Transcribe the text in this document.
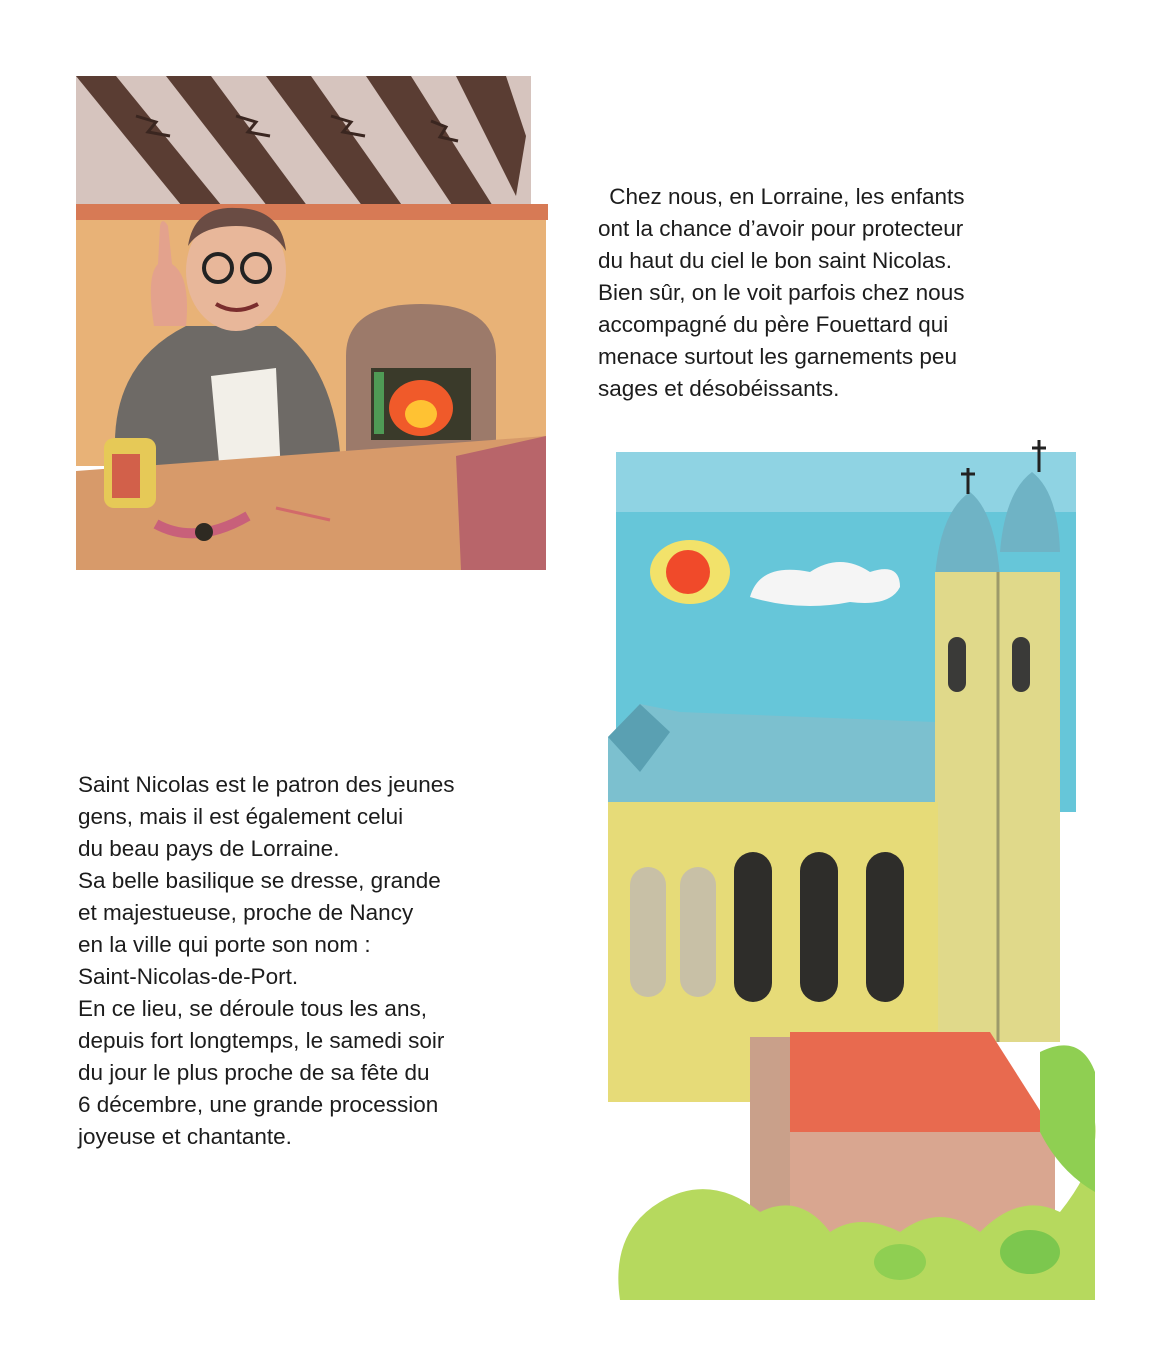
 Chez nous, en Lorraine, les enfants
ont la chance d’avoir pour protecteur
du haut du ciel le bon saint Nicolas.
Bien sûr, on le voit parfois chez nous
accompagné du père Fouettard qui
menace surtout les garnements peu
sages et désobéissants.

Saint Nicolas est le patron des jeunes
gens, mais il est également celui
du beau pays de Lorraine.
Sa belle basilique se dresse, grande
et majestueuse, proche de Nancy
en la ville qui porte son nom :
Saint-Nicolas-de-Port.
En ce lieu, se déroule tous les ans,
depuis fort longtemps, le samedi soir
du jour le plus proche de sa fête du
6 décembre, une grande procession
joyeuse et chantante.
